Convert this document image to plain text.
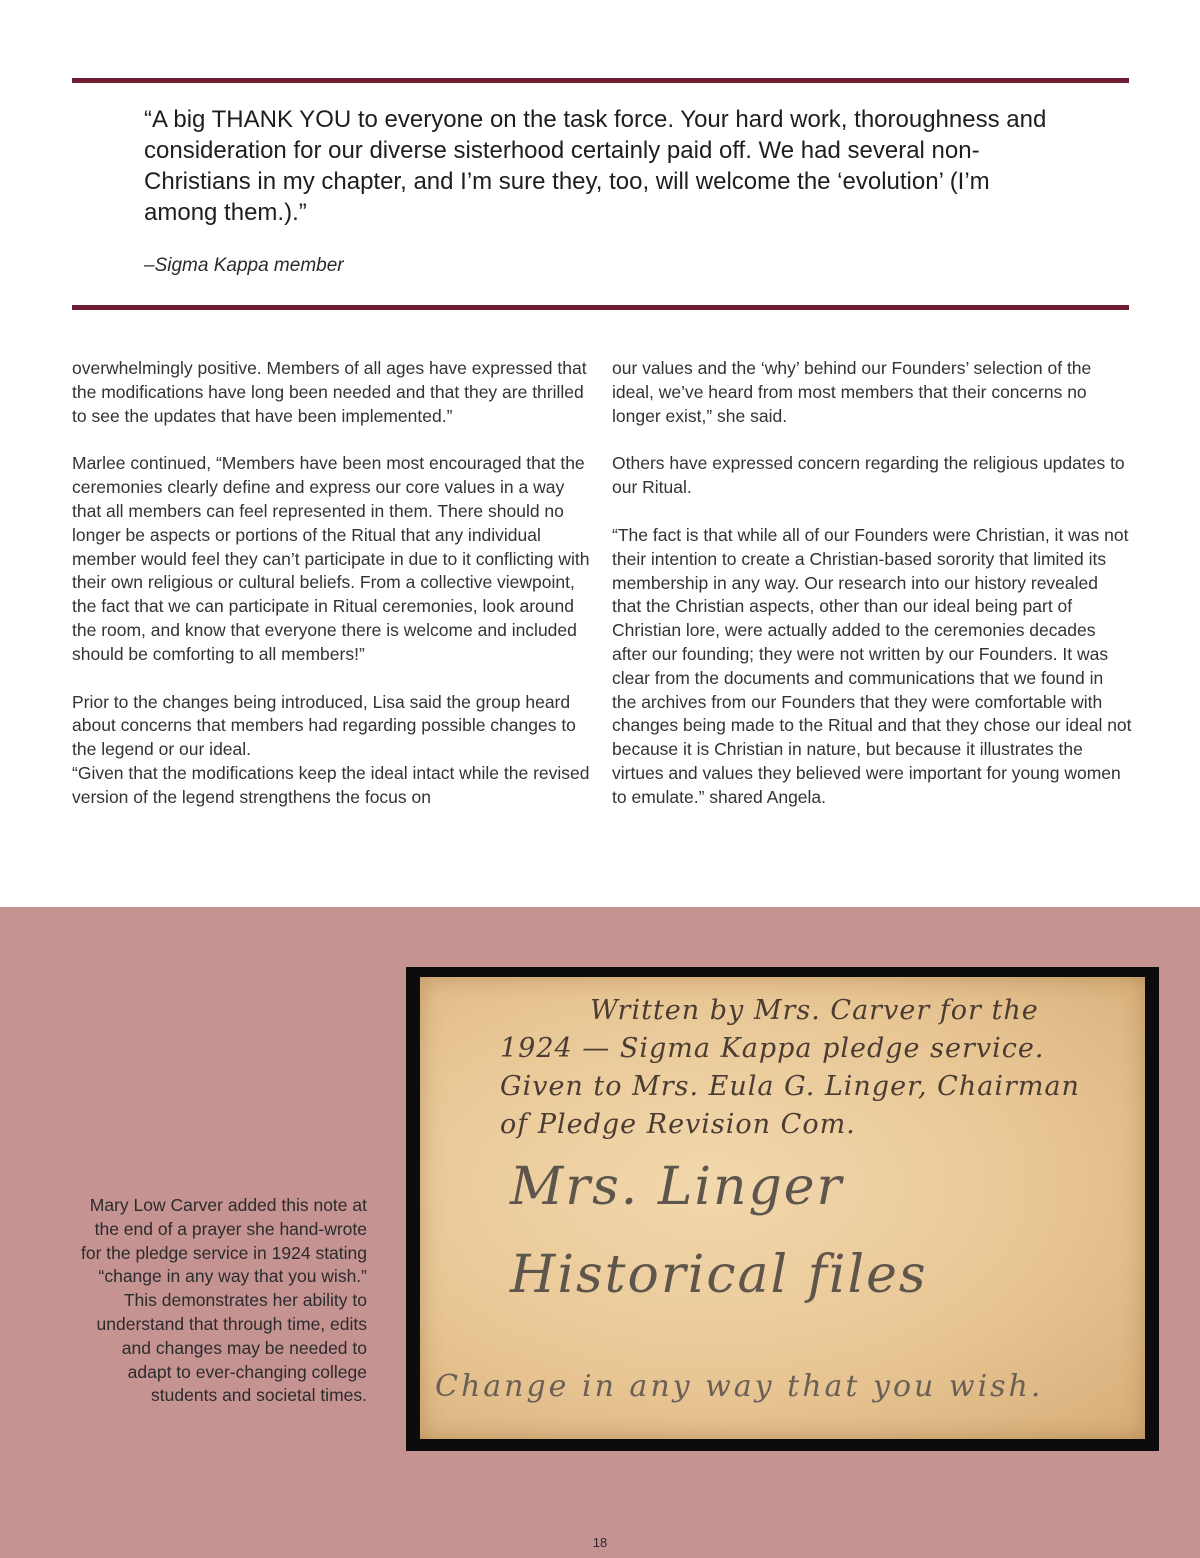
“A big THANK YOU to everyone on the task force. Your hard work, thoroughness and consideration for our diverse sisterhood certainly paid off. We had several non-Christians in my chapter, and I’m sure they, too, will welcome the ‘evolution’ (I’m among them.).”

–Sigma Kappa member

overwhelmingly positive. Members of all ages have expressed that the modifications have long been needed and that they are thrilled to see the updates that have been implemented.”

Marlee continued, “Members have been most encouraged that the ceremonies clearly define and express our core values in a way that all members can feel represented in them. There should no longer be aspects or portions of the Ritual that any individual member would feel they can’t participate in due to it conflicting with their own religious or cultural beliefs. From a collective viewpoint, the fact that we can participate in Ritual ceremonies, look around the room, and know that everyone there is welcome and included should be comforting to all members!”

Prior to the changes being introduced, Lisa said the group heard about concerns that members had regarding possible changes to the legend or our ideal.

“Given that the modifications keep the ideal intact while the revised version of the legend strengthens the focus on

our values and the ‘why’ behind our Founders’ selection of the ideal, we’ve heard from most members that their concerns no longer exist,” she said.

Others have expressed concern regarding the religious updates to our Ritual.

“The fact is that while all of our Founders were Christian, it was not their intention to create a Christian-based sorority that limited its membership in any way. Our research into our history revealed that the Christian aspects, other than our ideal being part of Christian lore, were actually added to the ceremonies decades after our founding; they were not written by our Founders. It was clear from the documents and communications that we found in the archives from our Founders that they were comfortable with changes being made to the Ritual and that they chose our ideal not because it is Christian in nature, but because it illustrates the virtues and values they believed were important for young women to emulate.” shared Angela.

Mary Low Carver added this note at the end of a prayer she hand-wrote for the pledge service in 1924 stating “change in any way that you wish.” This demonstrates her ability to understand that through time, edits and changes may be needed to adapt to ever-changing college students and societal times.

Written by Mrs. Carver for the

1924 — Sigma Kappa pledge service.

Given to Mrs. Eula G. Linger, Chairman

of Pledge Revision Com.

Mrs. Linger

Historical files

Change in any way that you wish.

18
